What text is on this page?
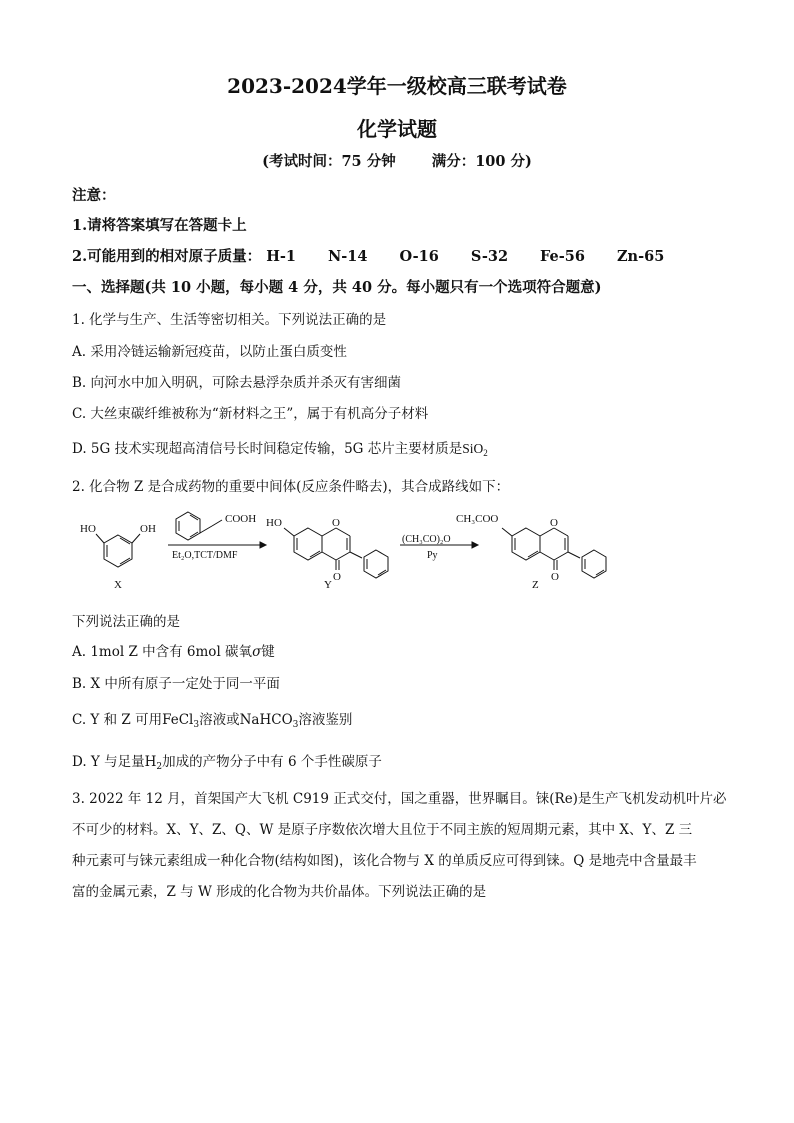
2023-2024学年一级校高三联考试卷
化学试题
(考试时间：75 分钟 满分：100 分)
注意：
1.请将答案填写在答题卡上
2.可能用到的相对原子质量： H-1 N-14 O-16 S-32 Fe-56 Zn-65
一、选择题(共 10 小题，每小题 4 分，共 40 分。每小题只有一个选项符合题意)
1. 化学与生产、生活等密切相关。下列说法正确的是
A. 采用冷链运输新冠疫苗，以防止蛋白质变性
B. 向河水中加入明矾，可除去悬浮杂质并杀灭有害细菌
C. 大丝束碳纤维被称为“新材料之王”，属于有机高分子材料
D. 5G 技术实现超高清信号长时间稳定传输，5G 芯片主要材质是SiO$_2$
2. 化合物 Z 是合成药物的重要中间体(反应条件略去)，其合成路线如下：
HO	OH
X
COOH
Et₂O,TCT/DMF
HO	O
O
Y
(CH₃CO)₂O
Py
CH₃COO	O
O
Z
下列说法正确的是
A. 1mol Z 中含有 6mol 碳氧σ键
B. X 中所有原子一定处于同一平面
C. Y 和 Z 可用FeCl$_3$溶液或NaHCO$_3$溶液鉴别
D. Y 与足量$H_2$加成的产物分子中有 6 个手性碳原子
3. 2022 年 12 月，首架国产大飞机 C919 正式交付，国之重器，世界瞩目。铼(Re)是生产飞机发动机叶片必
不可少的材料。X、Y、Z、Q、W 是原子序数依次增大且位于不同主族的短周期元素，其中 X、Y、Z 三
种元素可与铼元素组成一种化合物(结构如图)，该化合物与 X 的单质反应可得到铼。Q 是地壳中含量最丰
富的金属元素，Z 与 W 形成的化合物为共价晶体。下列说法正确的是
